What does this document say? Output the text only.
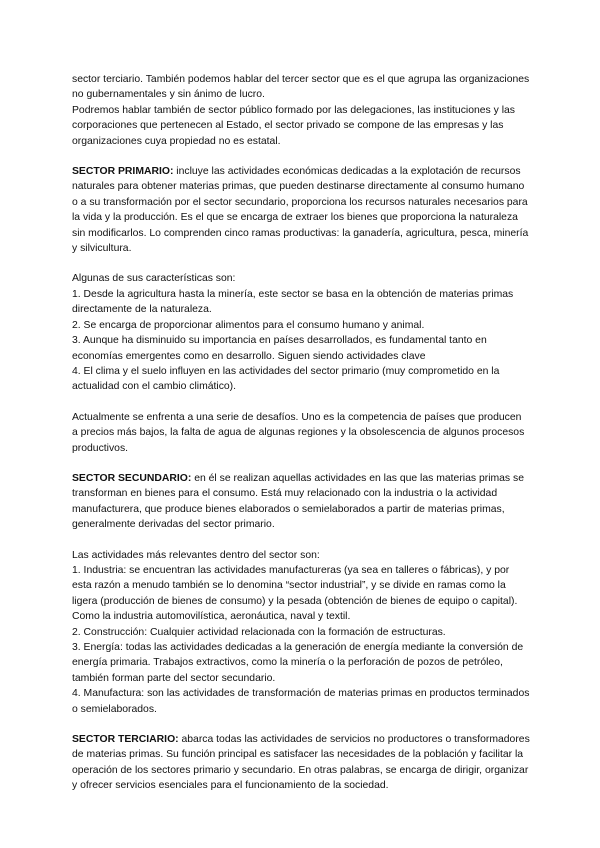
sector terciario. También podemos hablar del tercer sector que es el que agrupa las organizaciones no gubernamentales y sin ánimo de lucro.

Podremos hablar también de sector público formado por las delegaciones, las instituciones y las corporaciones que pertenecen al Estado, el sector privado se compone de las empresas y las organizaciones cuya propiedad no es estatal.

SECTOR PRIMARIO: incluye las actividades económicas dedicadas a la explotación de recursos naturales para obtener materias primas, que pueden destinarse directamente al consumo humano o a su transformación por el sector secundario, proporciona los recursos naturales necesarios para la vida y la producción. Es el que se encarga de extraer los bienes que proporciona la naturaleza sin modificarlos. Lo comprenden cinco ramas productivas: la ganadería, agricultura, pesca, minería y silvicultura.

Algunas de sus características son:

1. Desde la agricultura hasta la minería, este sector se basa en la obtención de materias primas directamente de la naturaleza.

2. Se encarga de proporcionar alimentos para el consumo humano y animal.

3. Aunque ha disminuido su importancia en países desarrollados, es fundamental tanto en economías emergentes como en desarrollo. Siguen siendo actividades clave

4. El clima y el suelo influyen en las actividades del sector primario (muy comprometido en la actualidad con el cambio climático).

Actualmente se enfrenta a una serie de desafíos. Uno es la competencia de países que producen a precios más bajos, la falta de agua de algunas regiones y la obsolescencia de algunos procesos productivos.

SECTOR SECUNDARIO: en él se realizan aquellas actividades en las que las materias primas se transforman en bienes para el consumo. Está muy relacionado con la industria o la actividad manufacturera, que produce bienes elaborados o semielaborados a partir de materias primas, generalmente derivadas del sector primario.

Las actividades más relevantes dentro del sector son:

1. Industria: se encuentran las actividades manufactureras (ya sea en talleres o fábricas), y por esta razón a menudo también se lo denomina “sector industrial”, y se divide en ramas como la ligera (producción de bienes de consumo) y la pesada (obtención de bienes de equipo o capital). Como la industria automovilística, aeronáutica, naval y textil.

2. Construcción: Cualquier actividad relacionada con la formación de estructuras.

3. Energía: todas las actividades dedicadas a la generación de energía mediante la conversión de energía primaria. Trabajos extractivos, como la minería o la perforación de pozos de petróleo, también forman parte del sector secundario.

4. Manufactura: son las actividades de transformación de materias primas en productos terminados o semielaborados.

SECTOR TERCIARIO: abarca todas las actividades de servicios no productores o transformadores de materias primas. Su función principal es satisfacer las necesidades de la población y facilitar la operación de los sectores primario y secundario. En otras palabras, se encarga de dirigir, organizar y ofrecer servicios esenciales para el funcionamiento de la sociedad.
